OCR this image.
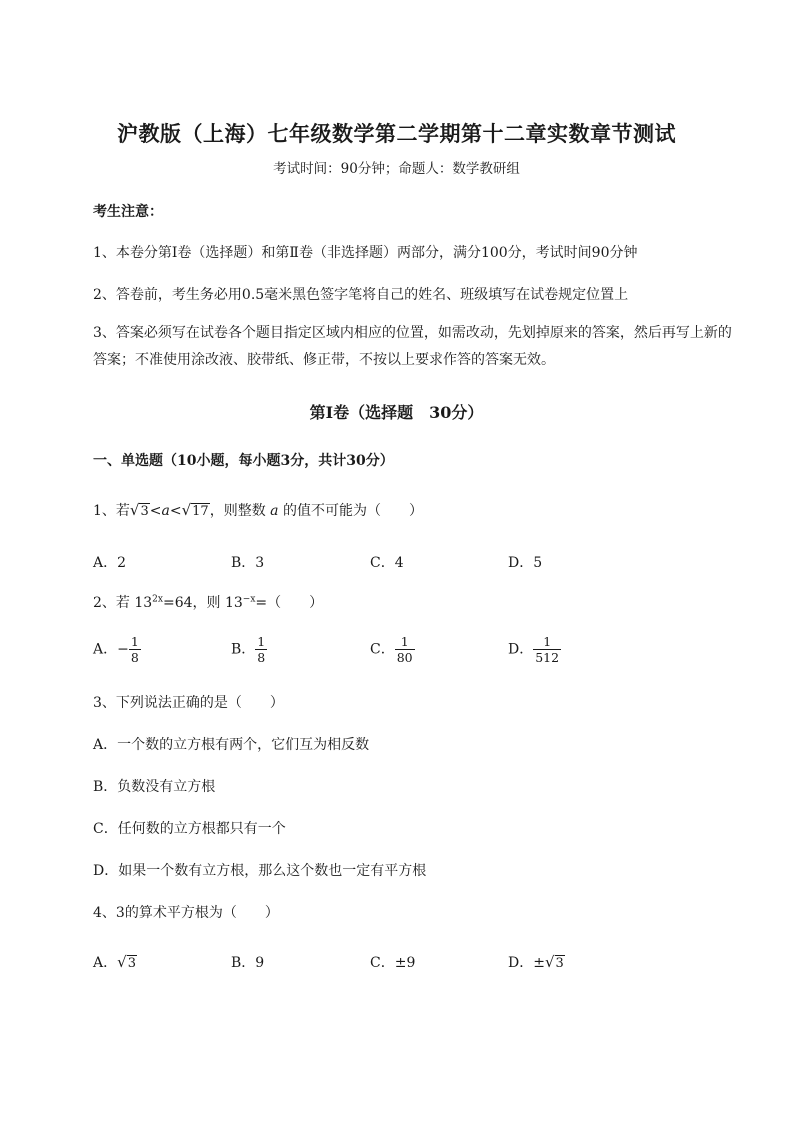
沪教版（上海）七年级数学第二学期第十二章实数章节测试
考试时间：90分钟；命题人：数学教研组
考生注意：
1、本卷分第Ⅰ卷（选择题）和第Ⅱ卷（非选择题）两部分，满分100分，考试时间90分钟
2、答卷前，考生务必用0.5毫米黑色签字笔将自己的姓名、班级填写在试卷规定位置上
3、答案必须写在试卷各个题目指定区域内相应的位置，如需改动，先划掉原来的答案，然后再写上新的答案；不准使用涂改液、胶带纸、修正带，不按以上要求作答的答案无效。
第Ⅰ卷（选择题　30分）
一、单选题（10小题，每小题3分，共计30分）
1、若√3<a<√17，则整数 a 的值不可能为（　　）
A．2	B．3	C．4	D．5
2、若 $13^{2x}=64$，则 $13^{-x}=$（　　）
A．− $\frac{1}{8}$	B． $\frac{1}{8}$	C． $\frac{1}{80}$	D． $\frac{1}{512}$
3、下列说法正确的是（　　）
A．一个数的立方根有两个，它们互为相反数
B．负数没有立方根
C．任何数的立方根都只有一个
D．如果一个数有立方根，那么这个数也一定有平方根
4、3的算术平方根为（　　）
A．√3	B．9	C．±9	D．±√3
